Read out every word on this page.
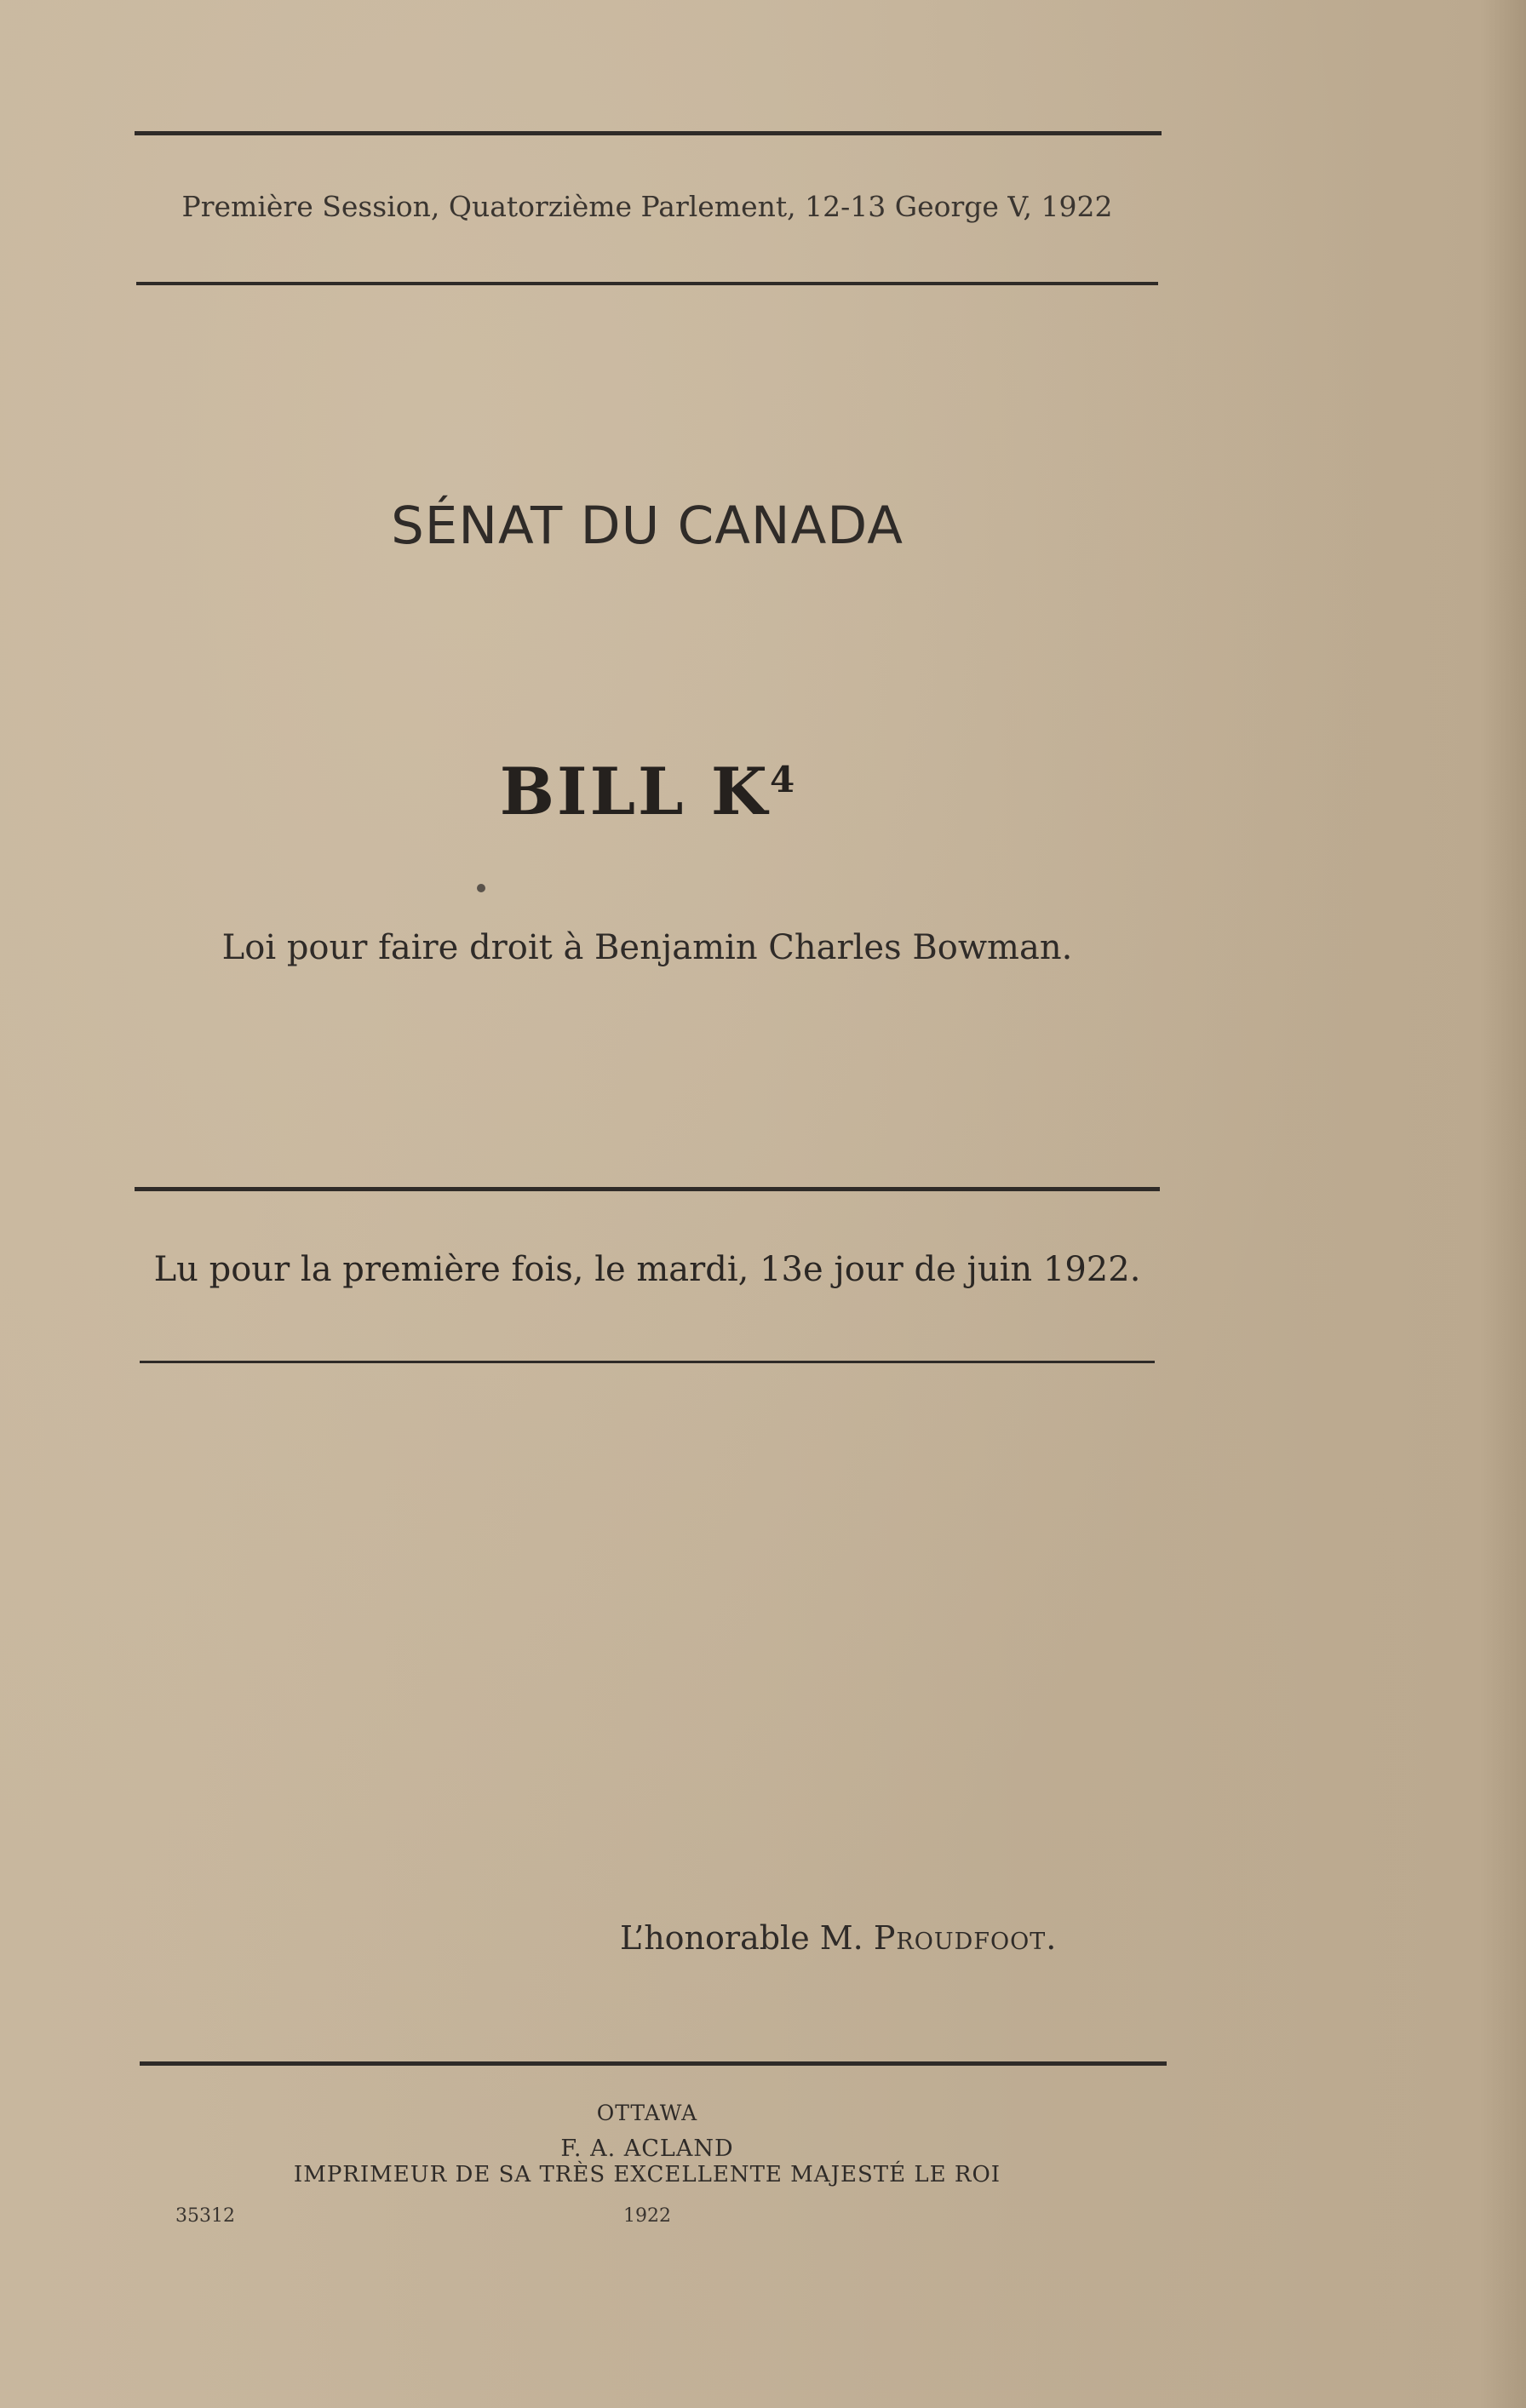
Première Session, Quatorzième Parlement, 12-13 George V, 1922
SÉNAT DU CANADA
BILL $K^4$
Loi pour faire droit à Benjamin Charles Bowman.
Lu pour la première fois, le mardi, 13e jour de juin 1922.
L’honorable M. Proudfoot.
OTTAWA
F. A. ACLAND
IMPRIMEUR DE SA TRÈS EXCELLENTE MAJESTÉ LE ROI
35312	1922
